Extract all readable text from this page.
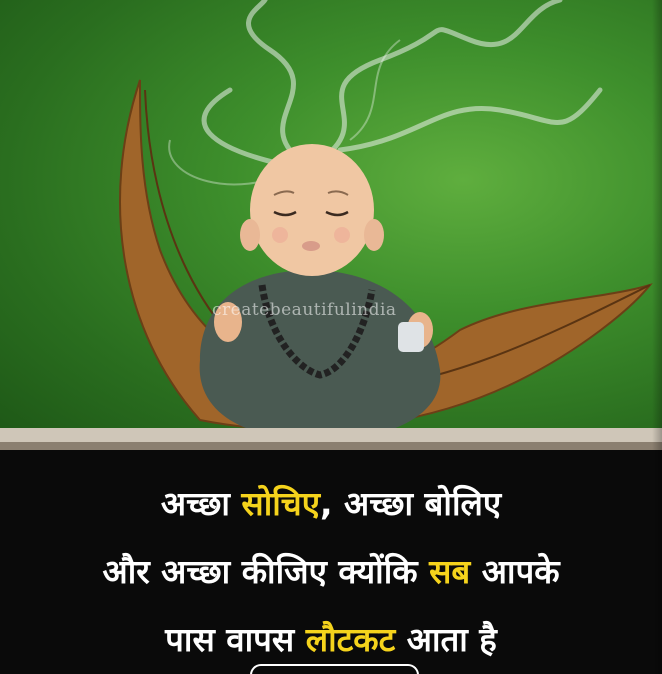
createbeautifulindia
अच्छा सोचिए, अच्छा बोलिए
और अच्छा कीजिए क्योंकि सब आपके
पास वापस लौटकट आता है
